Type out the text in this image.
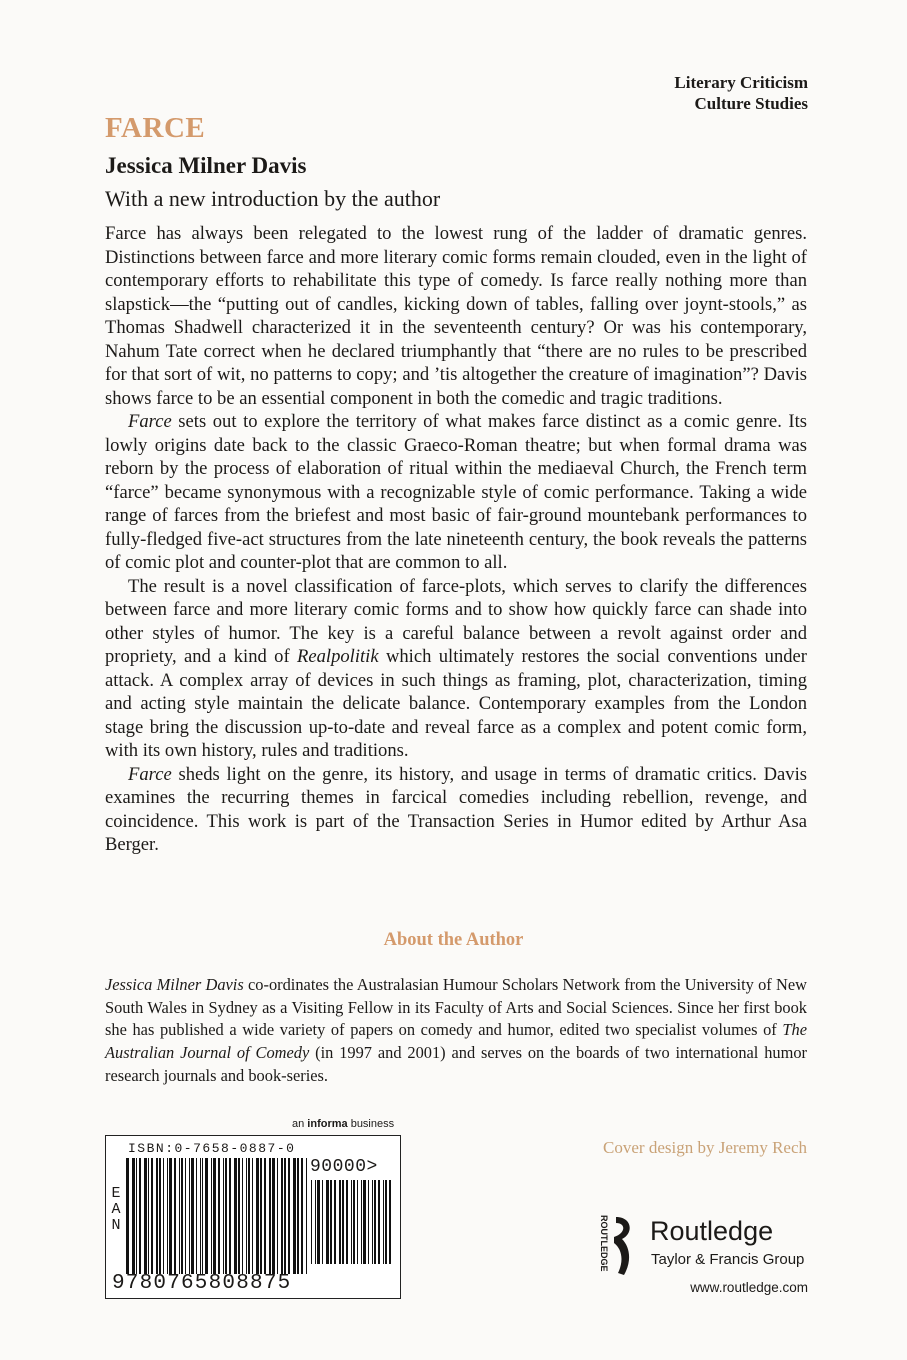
Literary Criticism
Culture Studies
FARCE
Jessica Milner Davis

With a new introduction by the author

Farce has always been relegated to the lowest rung of the ladder of dramatic genres. Distinctions between farce and more literary comic forms remain clouded, even in the light of contemporary efforts to rehabilitate this type of comedy. Is farce really nothing more than slapstick—the “putting out of candles, kicking down of tables, falling over joynt-stools,” as Thomas Shadwell characterized it in the seventeenth century? Or was his contemporary, Nahum Tate correct when he declared triumphantly that “there are no rules to be prescribed for that sort of wit, no patterns to copy; and ’tis altogether the creature of imagination”? Davis shows farce to be an essential component in both the comedic and tragic traditions.

Farce sets out to explore the territory of what makes farce distinct as a comic genre. Its lowly origins date back to the classic Graeco-Roman theatre; but when formal drama was reborn by the process of elaboration of ritual within the mediaeval Church, the French term “farce” became synonymous with a recognizable style of comic performance. Taking a wide range of farces from the briefest and most basic of fair-ground mountebank performances to fully-fledged five-act structures from the late nineteenth century, the book reveals the patterns of comic plot and counter-plot that are common to all.

The result is a novel classification of farce-plots, which serves to clarify the differences between farce and more literary comic forms and to show how quickly farce can shade into other styles of humor. The key is a careful balance between a revolt against order and propriety, and a kind of Realpolitik which ultimately restores the social conventions under attack. A complex array of devices in such things as framing, plot, characterization, timing and acting style maintain the delicate balance. Contemporary examples from the London stage bring the discussion up-to-date and reveal farce as a complex and potent comic form, with its own history, rules and traditions.

Farce sheds light on the genre, its history, and usage in terms of dramatic critics. Davis examines the recurring themes in farcical comedies including rebellion, revenge, and coincidence. This work is part of the Transaction Series in Humor edited by Arthur Asa Berger.

About the Author

Jessica Milner Davis co-ordinates the Australasian Humour Scholars Network from the University of New South Wales in Sydney as a Visiting Fellow in its Faculty of Arts and Social Sciences. Since her first book she has published a wide variety of papers on comedy and humor, edited two specialist volumes of The Australian Journal of Comedy (in 1997 and 2001) and serves on the boards of two international humor research journals and book-series.

an informa business
ISBN:0-7658-0887-0
E
A
N
90000>
9780765808875
Cover design by Jeremy Rech
ROUTLEDGE Routledge
Taylor & Francis Group
www.routledge.com
